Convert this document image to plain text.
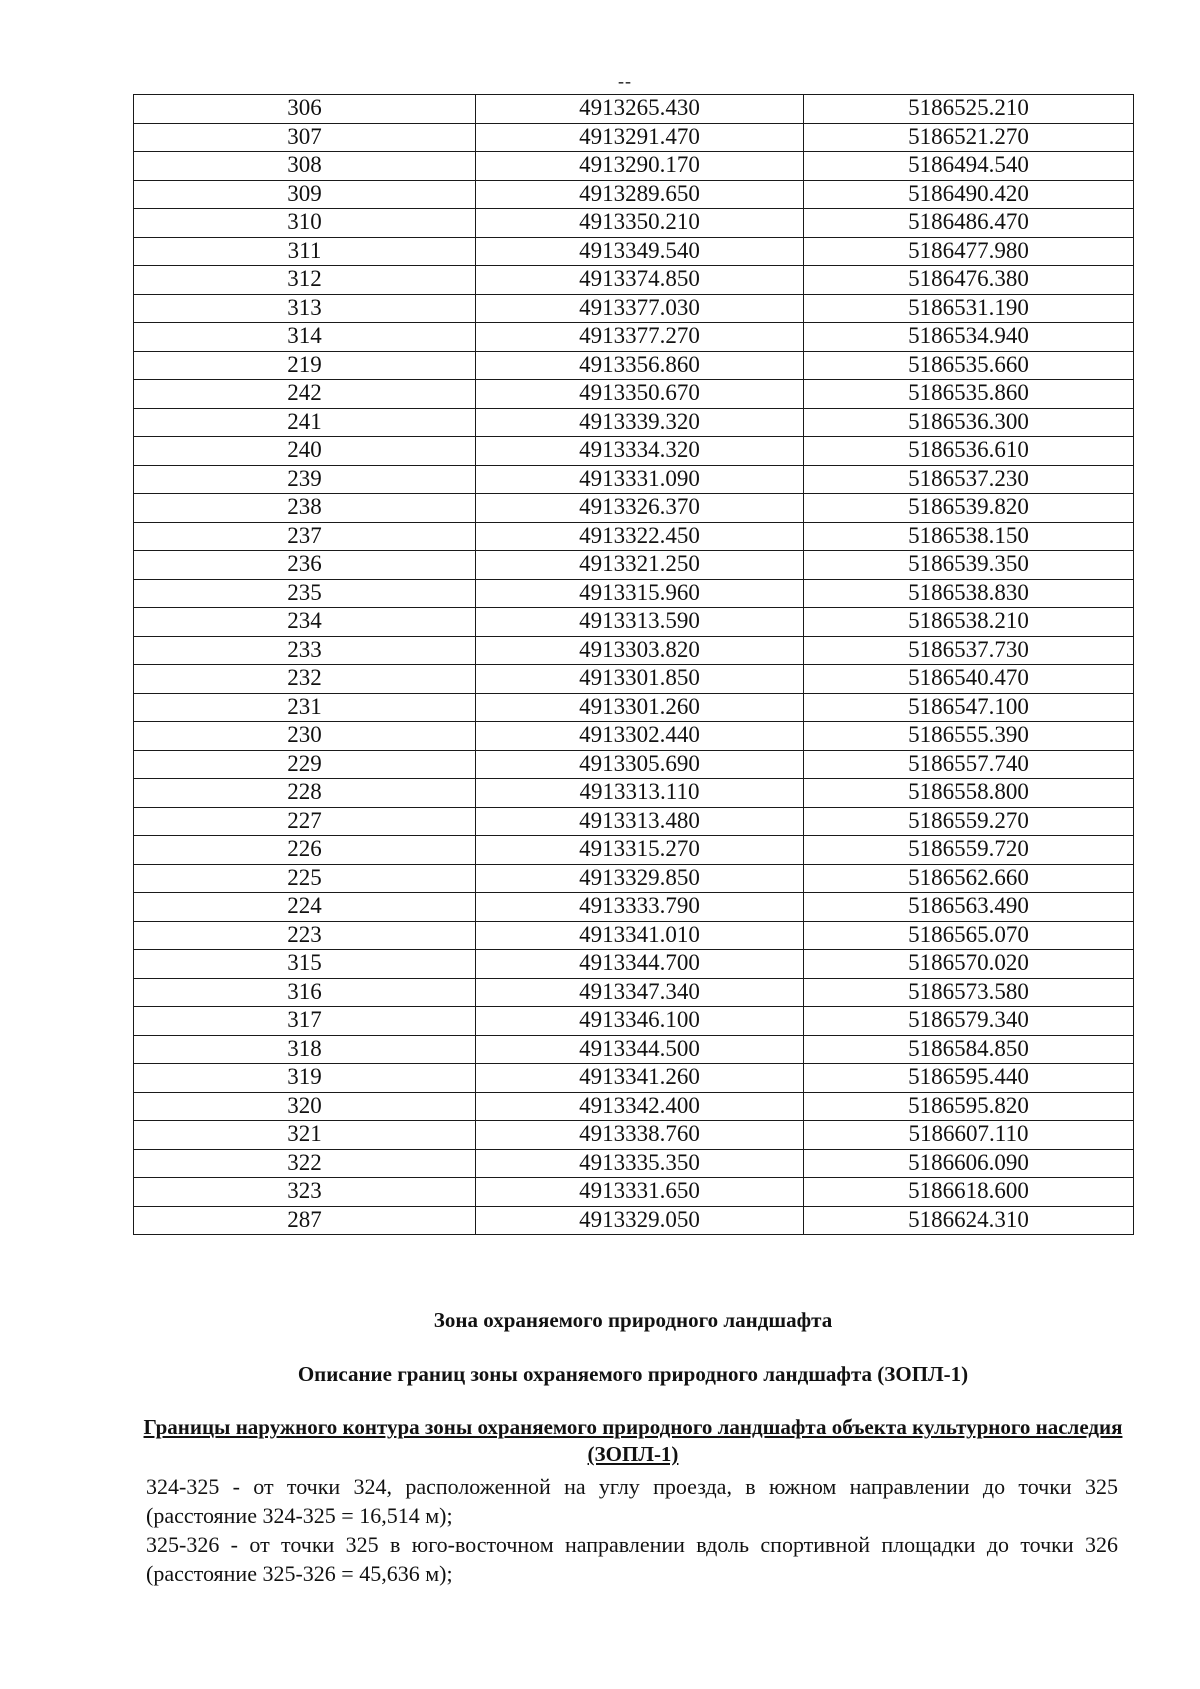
--
306	4913265.430	5186525.210
307	4913291.470	5186521.270
308	4913290.170	5186494.540
309	4913289.650	5186490.420
310	4913350.210	5186486.470
311	4913349.540	5186477.980
312	4913374.850	5186476.380
313	4913377.030	5186531.190
314	4913377.270	5186534.940
219	4913356.860	5186535.660
242	4913350.670	5186535.860
241	4913339.320	5186536.300
240	4913334.320	5186536.610
239	4913331.090	5186537.230
238	4913326.370	5186539.820
237	4913322.450	5186538.150
236	4913321.250	5186539.350
235	4913315.960	5186538.830
234	4913313.590	5186538.210
233	4913303.820	5186537.730
232	4913301.850	5186540.470
231	4913301.260	5186547.100
230	4913302.440	5186555.390
229	4913305.690	5186557.740
228	4913313.110	5186558.800
227	4913313.480	5186559.270
226	4913315.270	5186559.720
225	4913329.850	5186562.660
224	4913333.790	5186563.490
223	4913341.010	5186565.070
315	4913344.700	5186570.020
316	4913347.340	5186573.580
317	4913346.100	5186579.340
318	4913344.500	5186584.850
319	4913341.260	5186595.440
320	4913342.400	5186595.820
321	4913338.760	5186607.110
322	4913335.350	5186606.090
323	4913331.650	5186618.600
287	4913329.050	5186624.310
Зона охраняемого природного ландшафта
Описание границ зоны охраняемого природного ландшафта (ЗОПЛ-1)
Границы наружного контура зоны охраняемого природного ландшафта объекта культурного наследия (ЗОПЛ-1)
324-325 - от точки 324, расположенной на углу проезда, в южном направлении до точки 325 (расстояние 324-325 = 16,514 м);
325-326 - от точки 325 в юго-восточном направлении вдоль спортивной площадки до точки 326 (расстояние 325-326 = 45,636 м);
